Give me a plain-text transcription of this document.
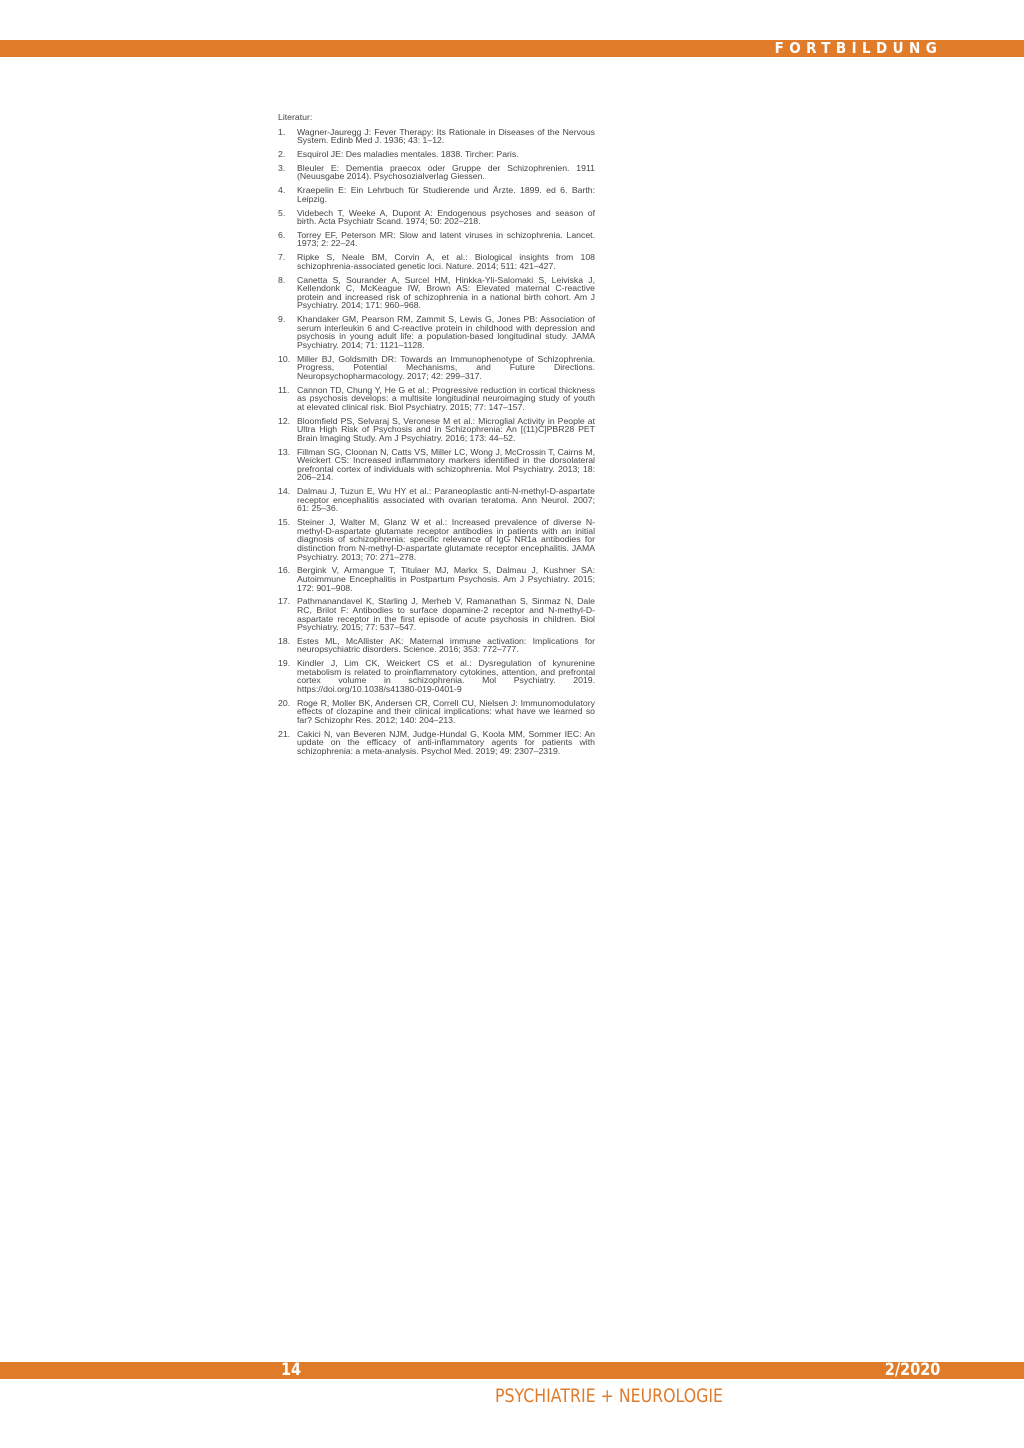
FORTBILDUNG
Literatur:
1.	Wagner-Jauregg J: Fever Therapy: Its Rationale in Diseases of the Nervous System. Edinb Med J. 1936; 43: 1–12.
2.	Esquirol JE: Des maladies mentales. 1838. Tircher: Paris.
3.	Bleuler E: Dementia praecox oder Gruppe der Schizophrenien. 1911 (Neuusgabe 2014). Psychosozialverlag Giessen.
4.	Kraepelin E: Ein Lehrbuch für Studierende und Ärzte. 1899. ed 6. Barth: Leipzig.
5.	Videbech T, Weeke A, Dupont A: Endogenous psychoses and season of birth. Acta Psychiatr Scand. 1974; 50: 202–218.
6.	Torrey EF, Peterson MR: Slow and latent viruses in schizophrenia. Lancet. 1973; 2: 22–24.
7.	Ripke S, Neale BM, Corvin A, et al.: Biological insights from 108 schizophrenia-associated genetic loci. Nature. 2014; 511: 421–427.
8.	Canetta S, Sourander A, Surcel HM, Hinkka-Yli-Salomaki S, Leiviska J, Kellendonk C, McKeague IW, Brown AS: Elevated maternal C-reactive protein and increased risk of schizophrenia in a national birth cohort. Am J Psychiatry. 2014; 171: 960–968.
9.	Khandaker GM, Pearson RM, Zammit S, Lewis G, Jones PB: Association of serum interleukin 6 and C-reactive protein in childhood with depression and psychosis in young adult life: a population-based longitudinal study. JAMA Psychiatry. 2014; 71: 1121–1128.
10. Miller BJ, Goldsmith DR: Towards an Immunophenotype of Schizophrenia. Progress, Potential Mechanisms, and Future Directions. Neuropsychopharmacology. 2017; 42: 299–317.
11. Cannon TD, Chung Y, He G et al.: Progressive reduction in cortical thickness as psychosis develops: a multisite longitudinal neuroimaging study of youth at elevated clinical risk. Biol Psychiatry. 2015; 77: 147–157.
12. Bloomfield PS, Selvaraj S, Veronese M et al.: Microglial Activity in People at Ultra High Risk of Psychosis and in Schizophrenia: An [(11)C]PBR28 PET Brain Imaging Study. Am J Psychiatry. 2016; 173: 44–52.
13. Fillman SG, Cloonan N, Catts VS, Miller LC, Wong J, McCrossin T, Cairns M, Weickert CS: Increased inflammatory markers identified in the dorsolateral prefrontal cortex of individuals with schizophrenia. Mol Psychiatry. 2013; 18: 206–214.
14. Dalmau J, Tuzun E, Wu HY et al.: Paraneoplastic anti-N-methyl-D-aspartate receptor encephalitis associated with ovarian teratoma. Ann Neurol. 2007; 61: 25–36.
15. Steiner J, Walter M, Glanz W et al.: Increased prevalence of diverse N-methyl-D-aspartate glutamate receptor antibodies in patients with an initial diagnosis of schizophrenia: specific relevance of IgG NR1a antibodies for distinction from N-methyl-D-aspartate glutamate receptor encephalitis. JAMA Psychiatry. 2013; 70: 271–278.
16. Bergink V, Armangue T, Titulaer MJ, Markx S, Dalmau J, Kushner SA: Autoimmune Encephalitis in Postpartum Psychosis. Am J Psychiatry. 2015; 172: 901–908.
17. Pathmanandavel K, Starling J, Merheb V, Ramanathan S, Sinmaz N, Dale RC, Brilot F: Antibodies to surface dopamine-2 receptor and N-methyl-D-aspartate receptor in the first episode of acute psychosis in children. Biol Psychiatry. 2015; 77: 537–547.
18. Estes ML, McAllister AK: Maternal immune activation: Implications for neuropsychiatric disorders. Science. 2016; 353: 772–777.
19. Kindler J, Lim CK, Weickert CS et al.: Dysregulation of kynurenine metabolism is related to proinflammatory cytokines, attention, and prefrontal cortex volume in schizophrenia. Mol Psychiatry. 2019. https://doi.org/10.1038/s41380-019-0401-9
20. Roge R, Moller BK, Andersen CR, Correll CU, Nielsen J: Immunomodulatory effects of clozapine and their clinical implications: what have we learned so far? Schizophr Res. 2012; 140: 204–213.
21. Cakici N, van Beveren NJM, Judge-Hundal G, Koola MM, Sommer IEC: An update on the efficacy of anti-inflammatory agents for patients with schizophrenia: a meta-analysis. Psychol Med. 2019; 49: 2307–2319.
14	2/2020
PSYCHIATRIE + NEUROLOGIE
